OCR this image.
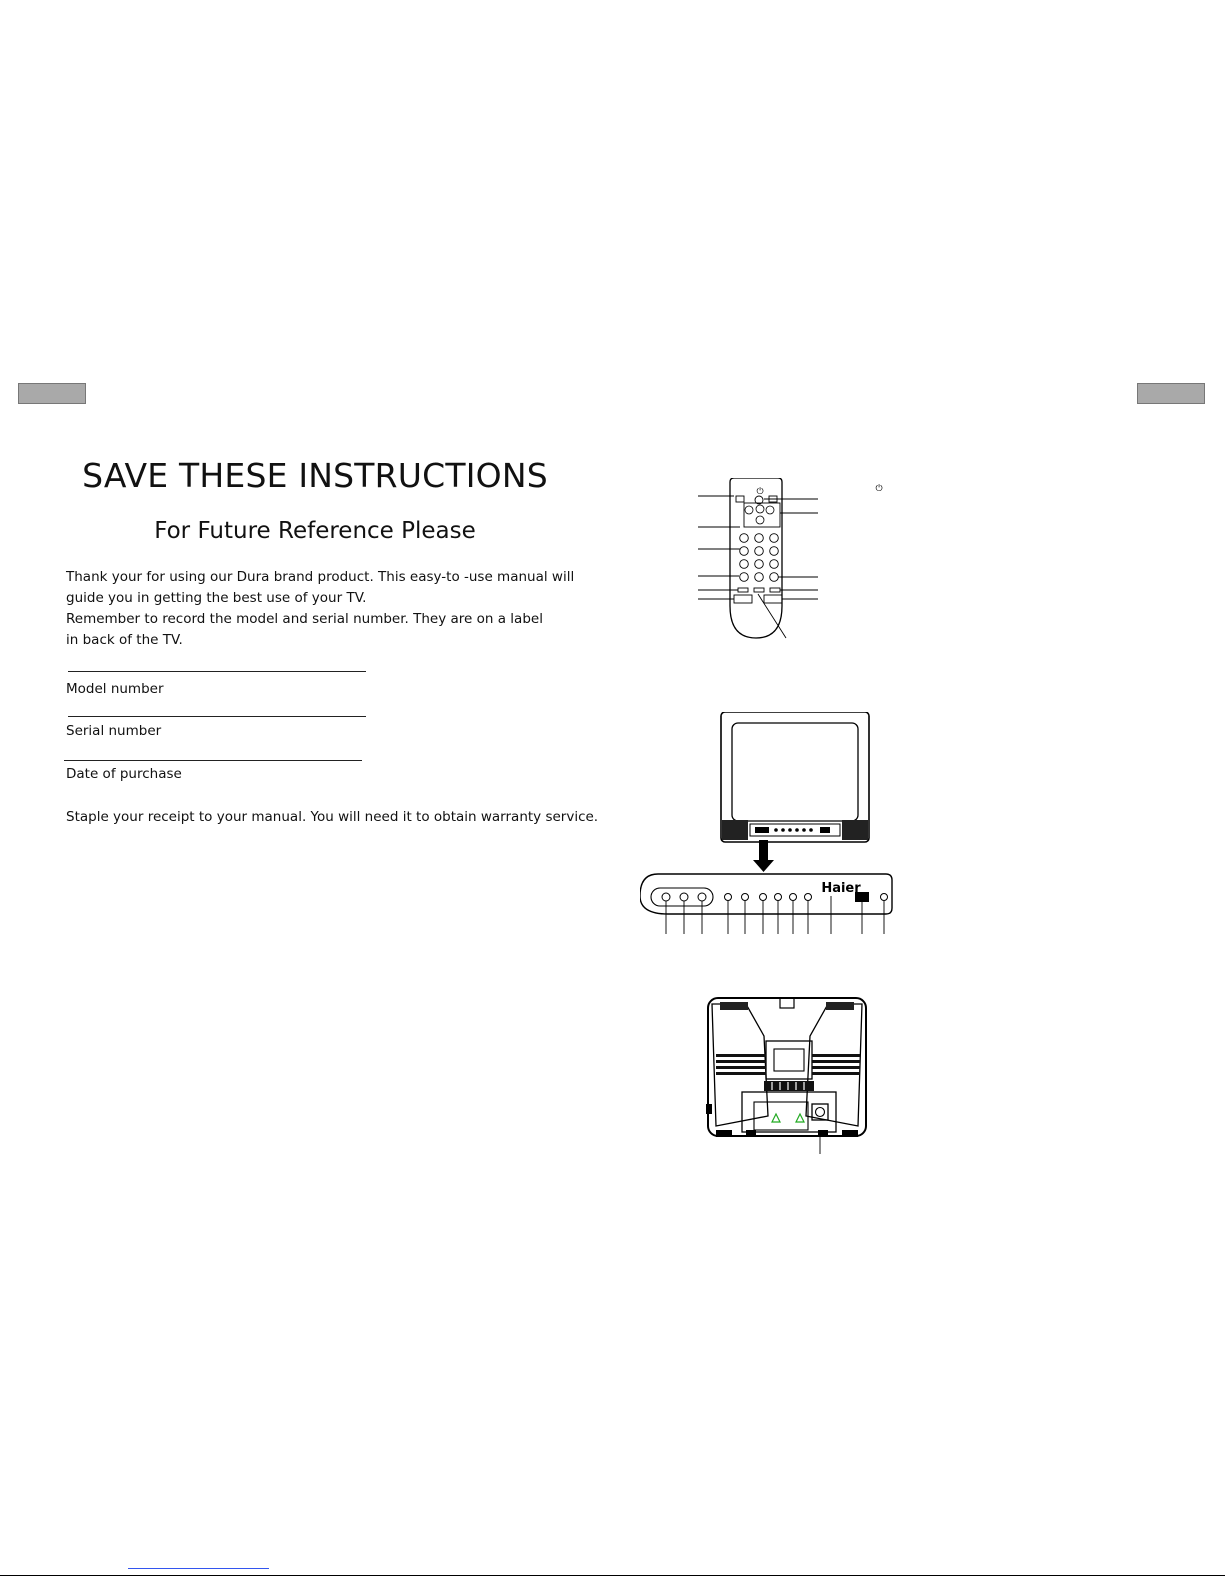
SAVE THESE INSTRUCTIONS
For Future Reference Please

Thank your for using our Dura brand product. This easy-to -use manual will

guide you in getting the best use of your TV.

Remember to record the model and serial number. They are on a label

in back of the TV.

Model number
Serial number
Date of purchase

Staple your receipt to your manual. You will need it to obtain warranty service.

⏻	⏻
Haier
